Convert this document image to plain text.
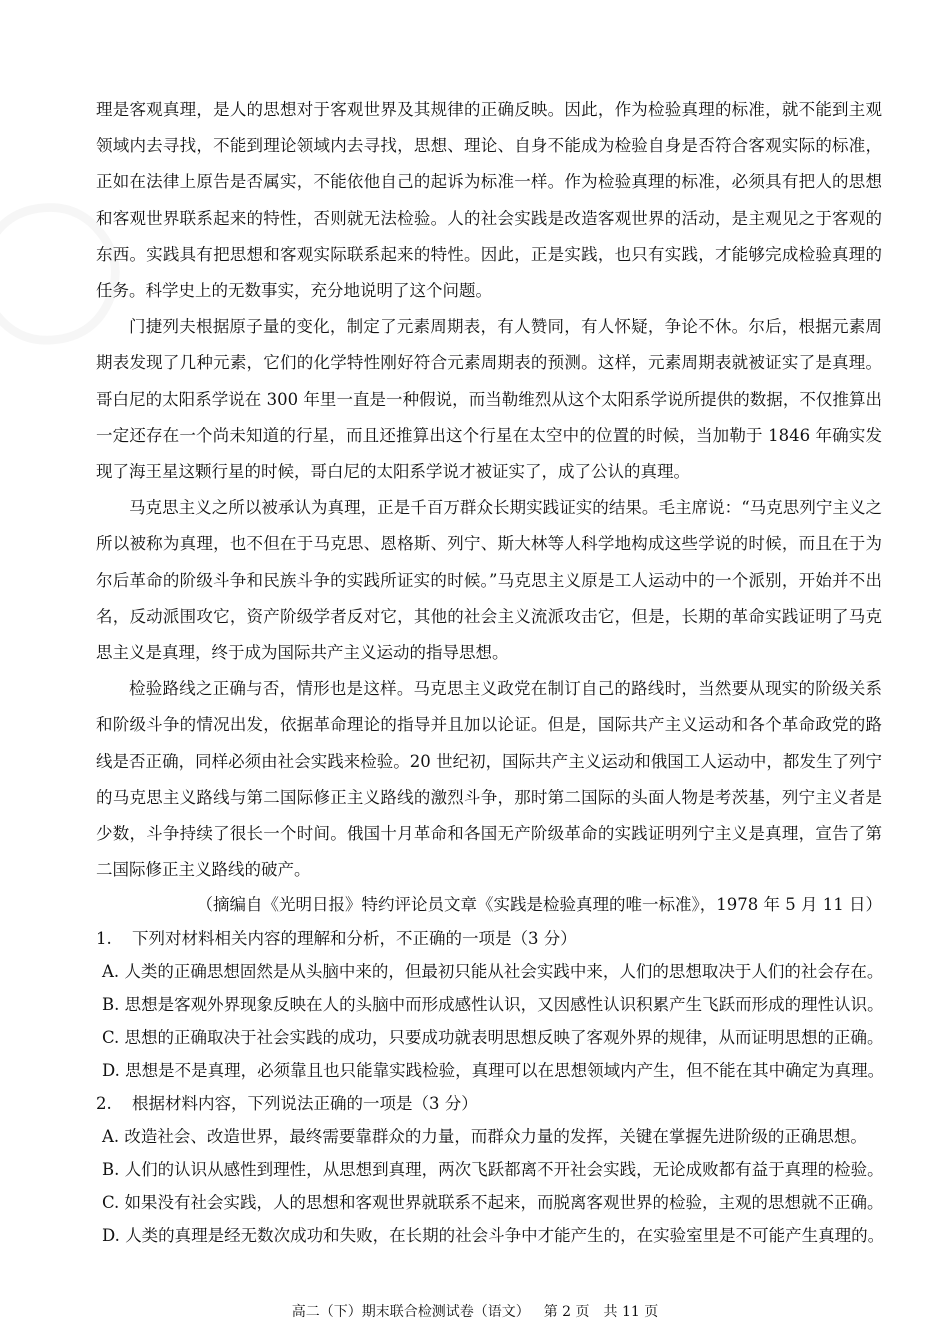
理是客观真理，是人的思想对于客观世界及其规律的正确反映。因此，作为检验真理的标准，就不能到主观领域内去寻找，不能到理论领域内去寻找，思想、理论、自身不能成为检验自身是否符合客观实际的标准，正如在法律上原告是否属实，不能依他自己的起诉为标准一样。作为检验真理的标准，必须具有把人的思想和客观世界联系起来的特性，否则就无法检验。人的社会实践是改造客观世界的活动，是主观见之于客观的东西。实践具有把思想和客观实际联系起来的特性。因此，正是实践，也只有实践，才能够完成检验真理的任务。科学史上的无数事实，充分地说明了这个问题。

门捷列夫根据原子量的变化，制定了元素周期表，有人赞同，有人怀疑，争论不休。尔后，根据元素周期表发现了几种元素，它们的化学特性刚好符合元素周期表的预测。这样，元素周期表就被证实了是真理。哥白尼的太阳系学说在 300 年里一直是一种假说，而当勒维烈从这个太阳系学说所提供的数据，不仅推算出一定还存在一个尚未知道的行星，而且还推算出这个行星在太空中的位置的时候，当加勒于 1846 年确实发现了海王星这颗行星的时候，哥白尼的太阳系学说才被证实了，成了公认的真理。

马克思主义之所以被承认为真理，正是千百万群众长期实践证实的结果。毛主席说：“马克思列宁主义之所以被称为真理，也不但在于马克思、恩格斯、列宁、斯大林等人科学地构成这些学说的时候，而且在于为尔后革命的阶级斗争和民族斗争的实践所证实的时候。”马克思主义原是工人运动中的一个派别，开始并不出名，反动派围攻它，资产阶级学者反对它，其他的社会主义流派攻击它，但是，长期的革命实践证明了马克思主义是真理，终于成为国际共产主义运动的指导思想。

检验路线之正确与否，情形也是这样。马克思主义政党在制订自己的路线时，当然要从现实的阶级关系和阶级斗争的情况出发，依据革命理论的指导并且加以论证。但是，国际共产主义运动和各个革命政党的路线是否正确，同样必须由社会实践来检验。20 世纪初，国际共产主义运动和俄国工人运动中，都发生了列宁的马克思主义路线与第二国际修正主义路线的激烈斗争，那时第二国际的头面人物是考茨基，列宁主义者是少数，斗争持续了很长一个时间。俄国十月革命和各国无产阶级革命的实践证明列宁主义是真理，宣告了第二国际修正主义路线的破产。

（摘编自《光明日报》特约评论员文章《实践是检验真理的唯一标准》，1978 年 5 月 11 日）

1. 下列对材料相关内容的理解和分析，不正确的一项是（3 分）

A. 人类的正确思想固然是从头脑中来的，但最初只能从社会实践中来，人们的思想取决于人们的社会存在。

B. 思想是客观外界现象反映在人的头脑中而形成感性认识，又因感性认识积累产生飞跃而形成的理性认识。

C. 思想的正确取决于社会实践的成功，只要成功就表明思想反映了客观外界的规律，从而证明思想的正确。

D. 思想是不是真理，必须靠且也只能靠实践检验，真理可以在思想领域内产生，但不能在其中确定为真理。

2. 根据材料内容，下列说法正确的一项是（3 分）

A. 改造社会、改造世界，最终需要靠群众的力量，而群众力量的发挥，关键在掌握先进阶级的正确思想。

B. 人们的认识从感性到理性，从思想到真理，两次飞跃都离不开社会实践，无论成败都有益于真理的检验。

C. 如果没有社会实践，人的思想和客观世界就联系不起来，而脱离客观世界的检验，主观的思想就不正确。

D. 人类的真理是经无数次成功和失败，在长期的社会斗争中才能产生的，在实验室里是不可能产生真理的。

高二（下）期末联合检测试卷（语文） 第 2 页 共 11 页
